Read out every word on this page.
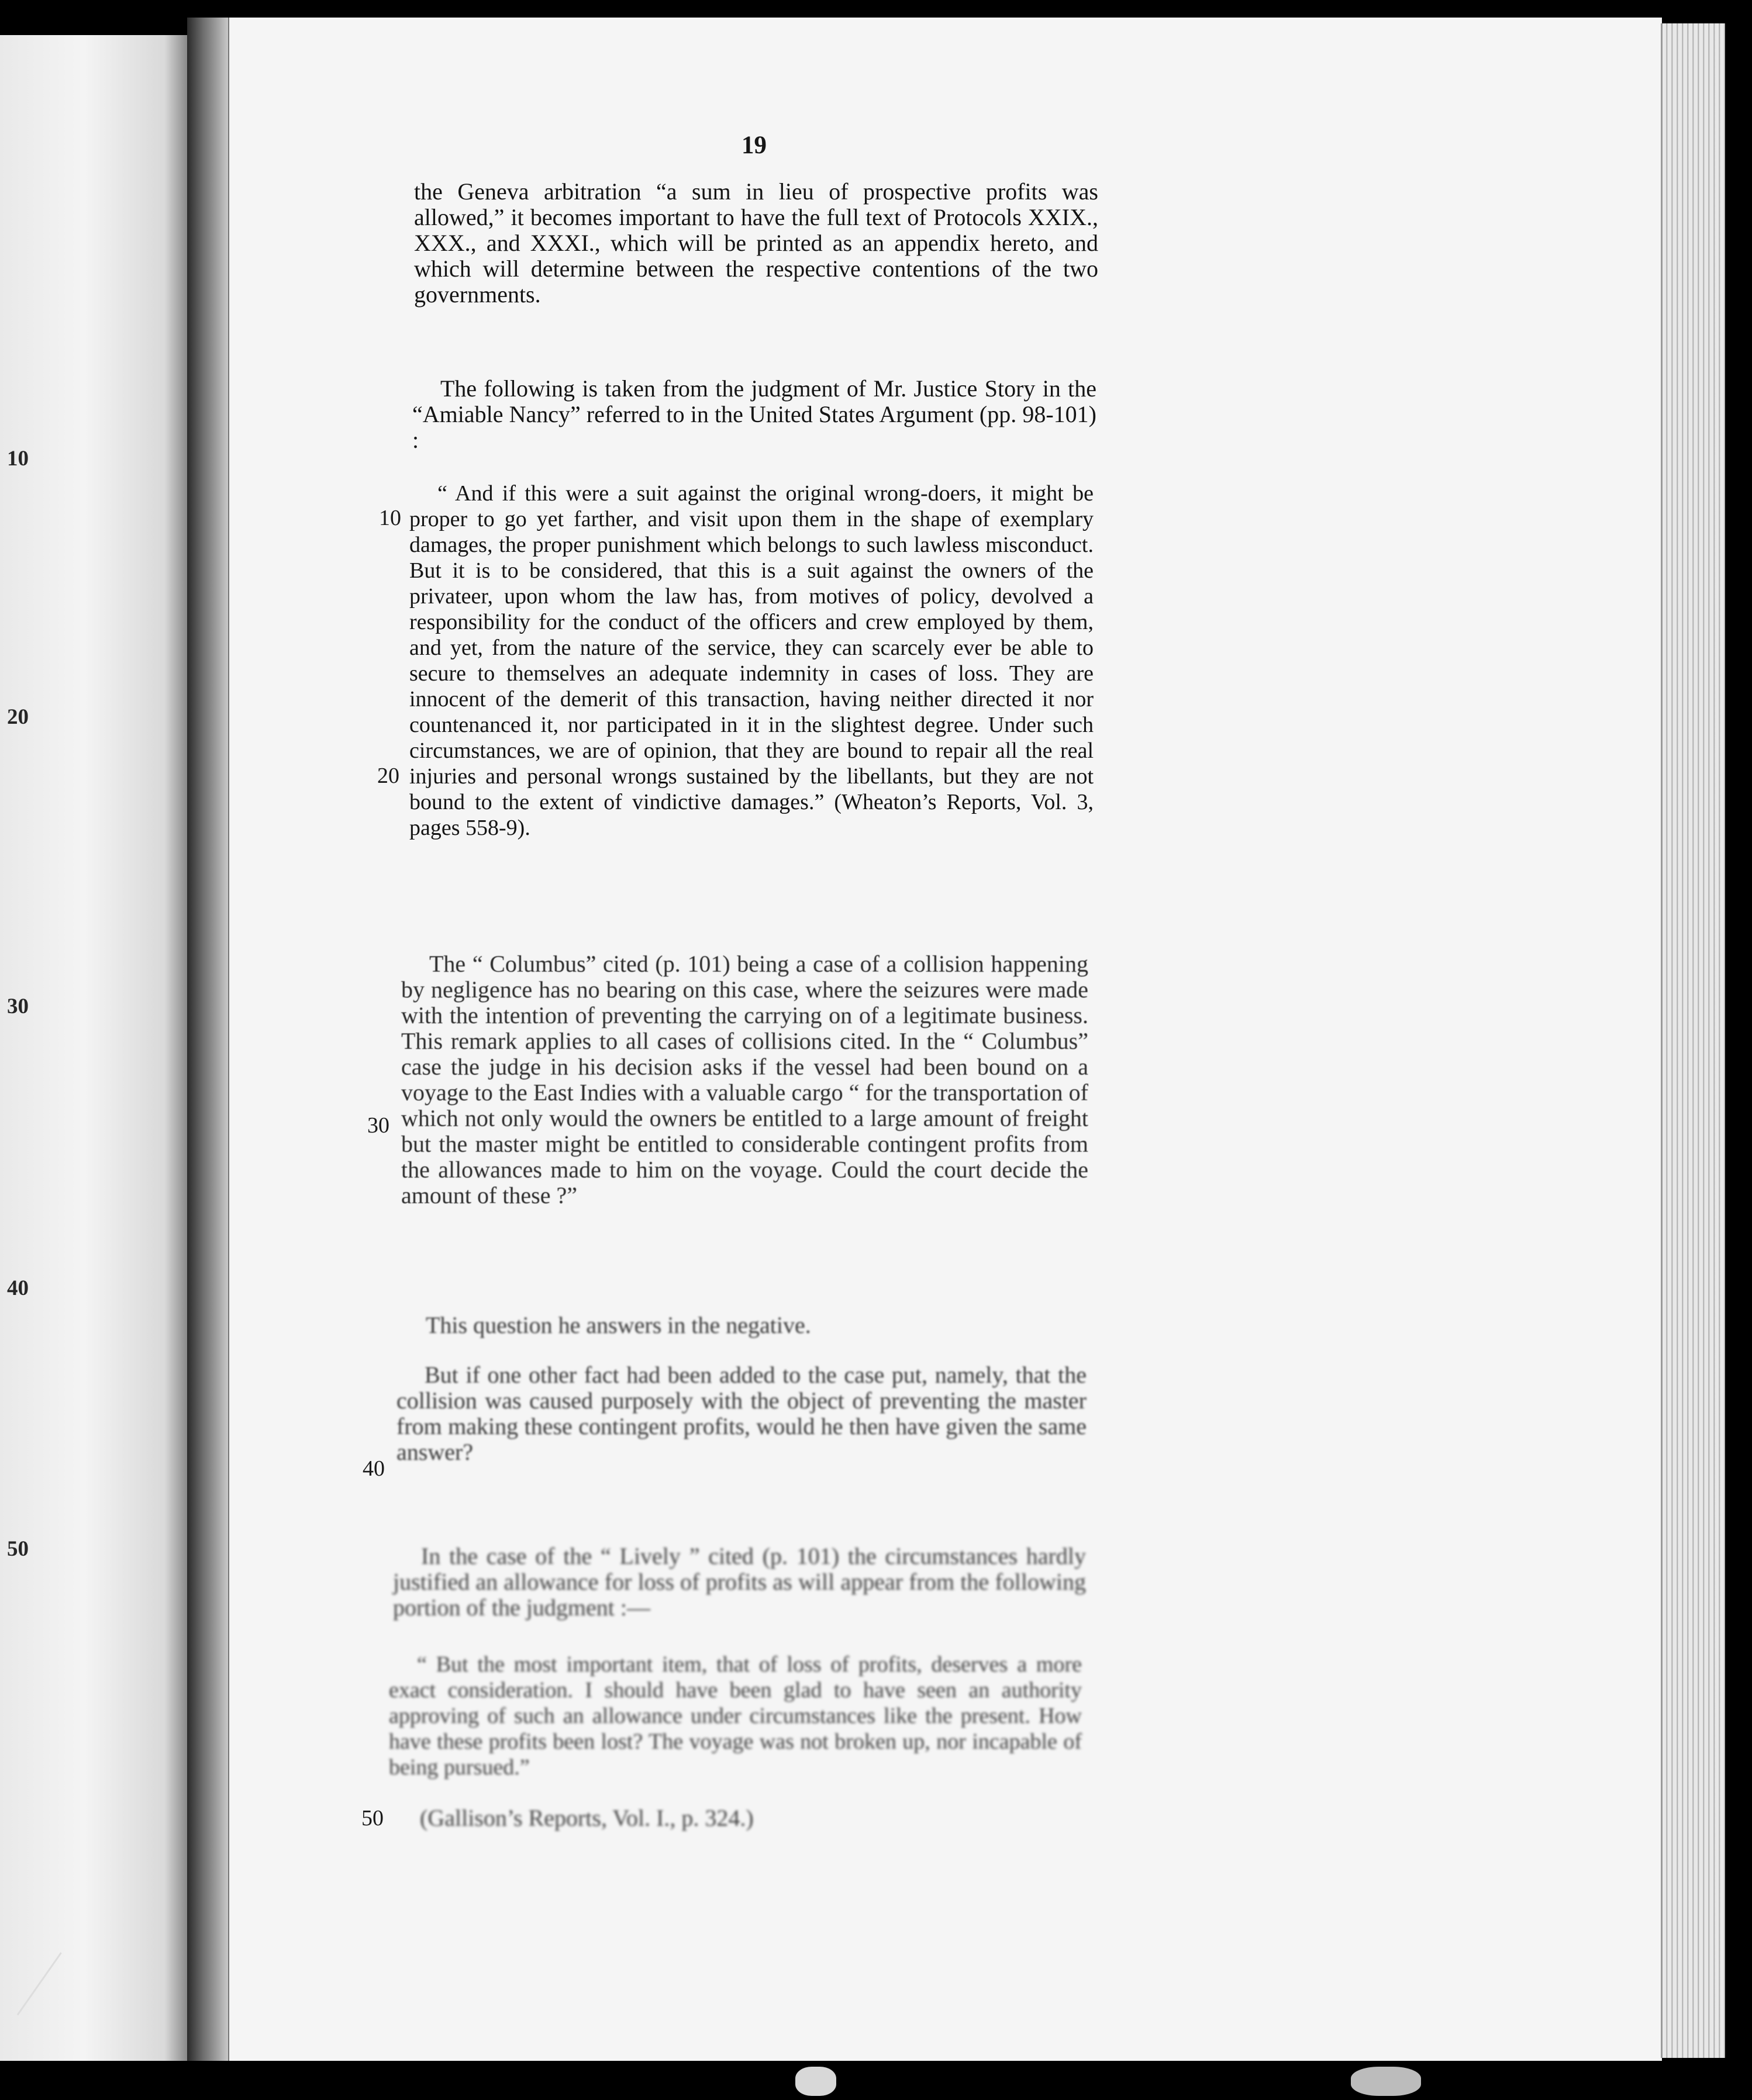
10
20
30
40
50
19

the Geneva arbitration “a sum in lieu of prospective profits was allowed,” it becomes important to have the full text of Protocols XXIX., XXX., and XXXI., which will be printed as an appendix hereto, and which will determine between the respective contentions of the two governments.

The following is taken from the judgment of Mr. Justice Story in the “Amiable Nancy” referred to in the United States Argument (pp. 98-101) :

“ And if this were a suit against the original wrong-doers, it might be proper to go yet farther, and visit upon them in the shape of exemplary damages, the proper punishment which belongs to such lawless misconduct. But it is to be considered, that this is a suit against the owners of the privateer, upon whom the law has, from motives of policy, devolved a responsibility for the conduct of the officers and crew employed by them, and yet, from the nature of the service, they can scarcely ever be able to secure to themselves an adequate indemnity in cases of loss. They are innocent of the demerit of this transaction, having neither directed it nor countenanced it, nor participated in it in the slightest degree. Under such circumstances, we are of opinion, that they are bound to repair all the real injuries and personal wrongs sustained by the libellants, but they are not bound to the extent of vindictive damages.” (Wheaton’s Reports, Vol. 3, pages 558-9).

The “ Columbus” cited (p. 101) being a case of a collision happening by negligence has no bearing on this case, where the seizures were made with the intention of preventing the carrying on of a legitimate business. This remark applies to all cases of collisions cited. In the “ Columbus” case the judge in his decision asks if the vessel had been bound on a voyage to the East Indies with a valuable cargo “ for the transportation of which not only would the owners be entitled to a large amount of freight but the master might be entitled to considerable contingent profits from the allowances made to him on the voyage. Could the court decide the amount of these ?”

This question he answers in the negative.

But if one other fact had been added to the case put, namely, that the collision was caused purposely with the object of preventing the master from making these contingent profits, would he then have given the same answer?

In the case of the “ Lively ” cited (p. 101) the circumstances hardly justified an allowance for loss of profits as will appear from the following portion of the judgment :—

“ But the most important item, that of loss of profits, deserves a more exact consideration. I should have been glad to have seen an authority approving of such an allowance under circumstances like the present. How have these profits been lost? The voyage was not broken up, nor incapable of being pursued.”

(Gallison’s Reports, Vol. I., p. 324.)

10
20
30
40
50
